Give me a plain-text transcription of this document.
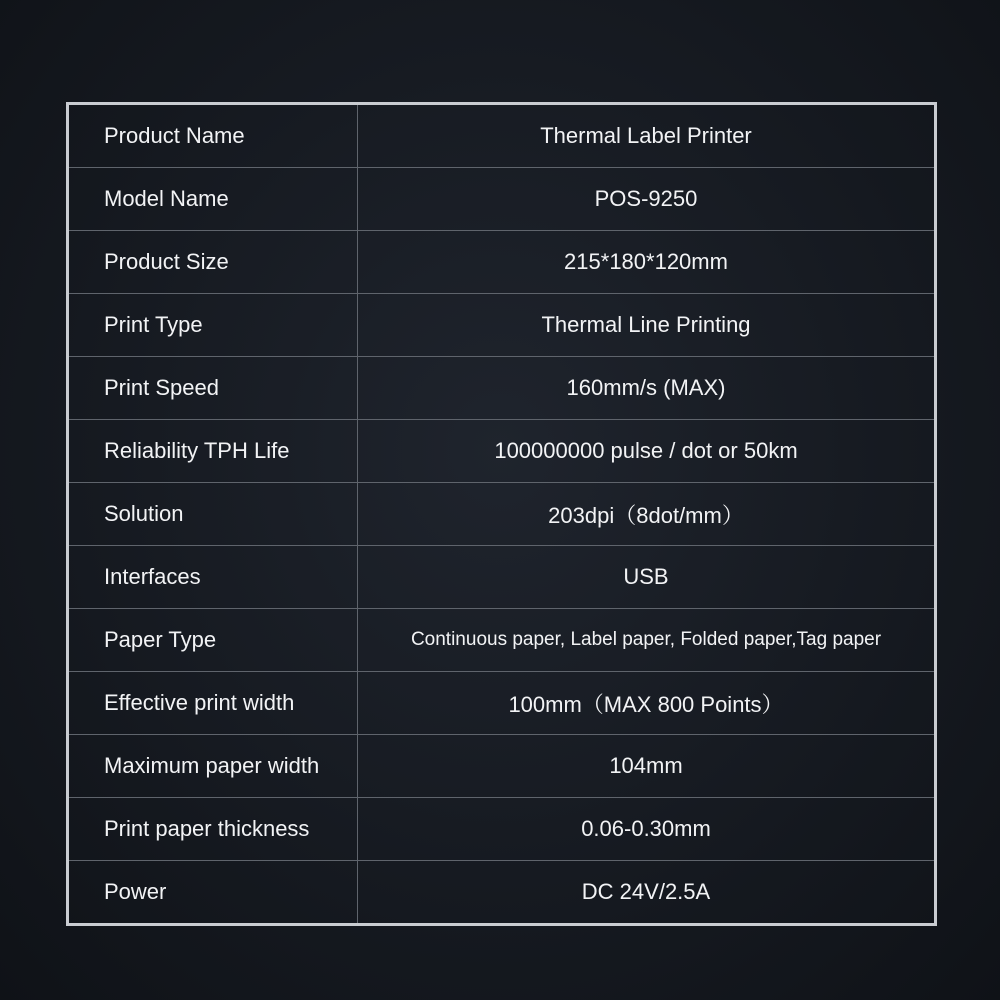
Product Name	Thermal Label Printer
Model Name	POS-9250
Product Size	215*180*120mm
Print Type	Thermal Line Printing
Print Speed	160mm/s (MAX)
Reliability TPH Life	100000000 pulse / dot or 50km
Solution	203dpi（8dot/mm）
Interfaces	USB
Paper Type	Continuous paper, Label paper, Folded paper,Tag paper
Effective print width	100mm（MAX 800 Points）
Maximum paper width	104mm
Print paper thickness	0.06-0.30mm
Power	DC 24V/2.5A
